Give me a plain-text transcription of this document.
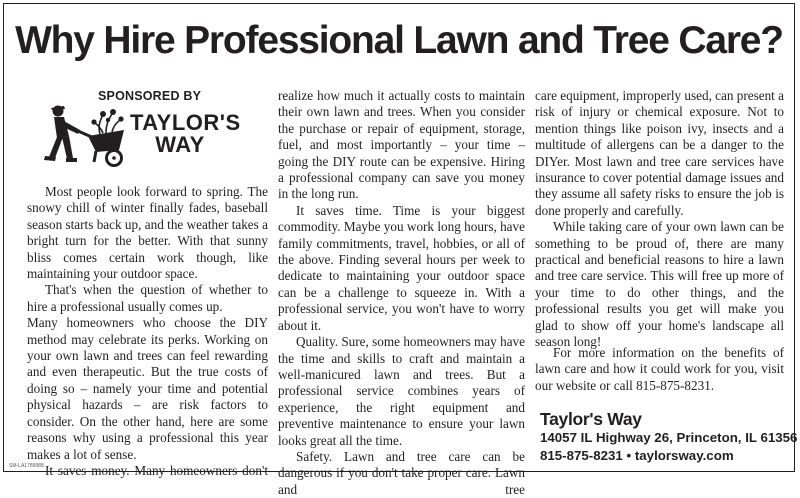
Why Hire Professional Lawn and Tree Care?
SPONSORED BY
TAYLOR'S
WAY

Most people look forward to spring. The snowy chill of winter finally fades, baseball season starts back up, and the weather takes a bright turn for the better. With that sunny bliss comes certain work though, like maintaining your outdoor space.

That's when the question of whether to hire a professional usually comes up.

Many homeowners who choose the DIY method may celebrate its perks. Working on your own lawn and trees can feel rewarding and even therapeutic. But the true costs of doing so – namely your time and potential physical hazards – are risk factors to consider. On the other hand, here are some reasons why using a professional this year makes a lot of sense.

It saves money. Many homeowners don't

realize how much it actually costs to maintain their own lawn and trees. When you consider the purchase or repair of equipment, storage, fuel, and most importantly – your time – going the DIY route can be expensive. Hiring a professional company can save you money in the long run.

It saves time. Time is your biggest commodity. Maybe you work long hours, have family commitments, travel, hobbies, or all of the above. Finding several hours per week to dedicate to maintaining your outdoor space can be a challenge to squeeze in. With a professional service, you won't have to worry about it.

Quality. Sure, some homeowners may have the time and skills to craft and maintain a well-manicured lawn and trees. But a professional service combines years of experience, the right equipment and preventive maintenance to ensure your lawn looks great all the time.

Safety. Lawn and tree care can be dangerous if you don't take proper care. Lawn and tree

care equipment, improperly used, can present a risk of injury or chemical exposure. Not to mention things like poison ivy, insects and a multitude of allergens can be a danger to the DIYer. Most lawn and tree care services have insurance to cover potential damage issues and they assume all safety risks to ensure the job is done properly and carefully.

While taking care of your own lawn can be something to be proud of, there are many practical and beneficial reasons to hire a lawn and tree care service. This will free up more of your time to do other things, and the professional results you get will make you glad to show off your home's landscape all season long!

For more information on the benefits of lawn care and how it could work for you, visit our website or call 815-875-8231.

Taylor's Way
14057 IL Highway 26, Princeton, IL 61356
815-875-8231 • taylorsway.com
SM-LA1789988
